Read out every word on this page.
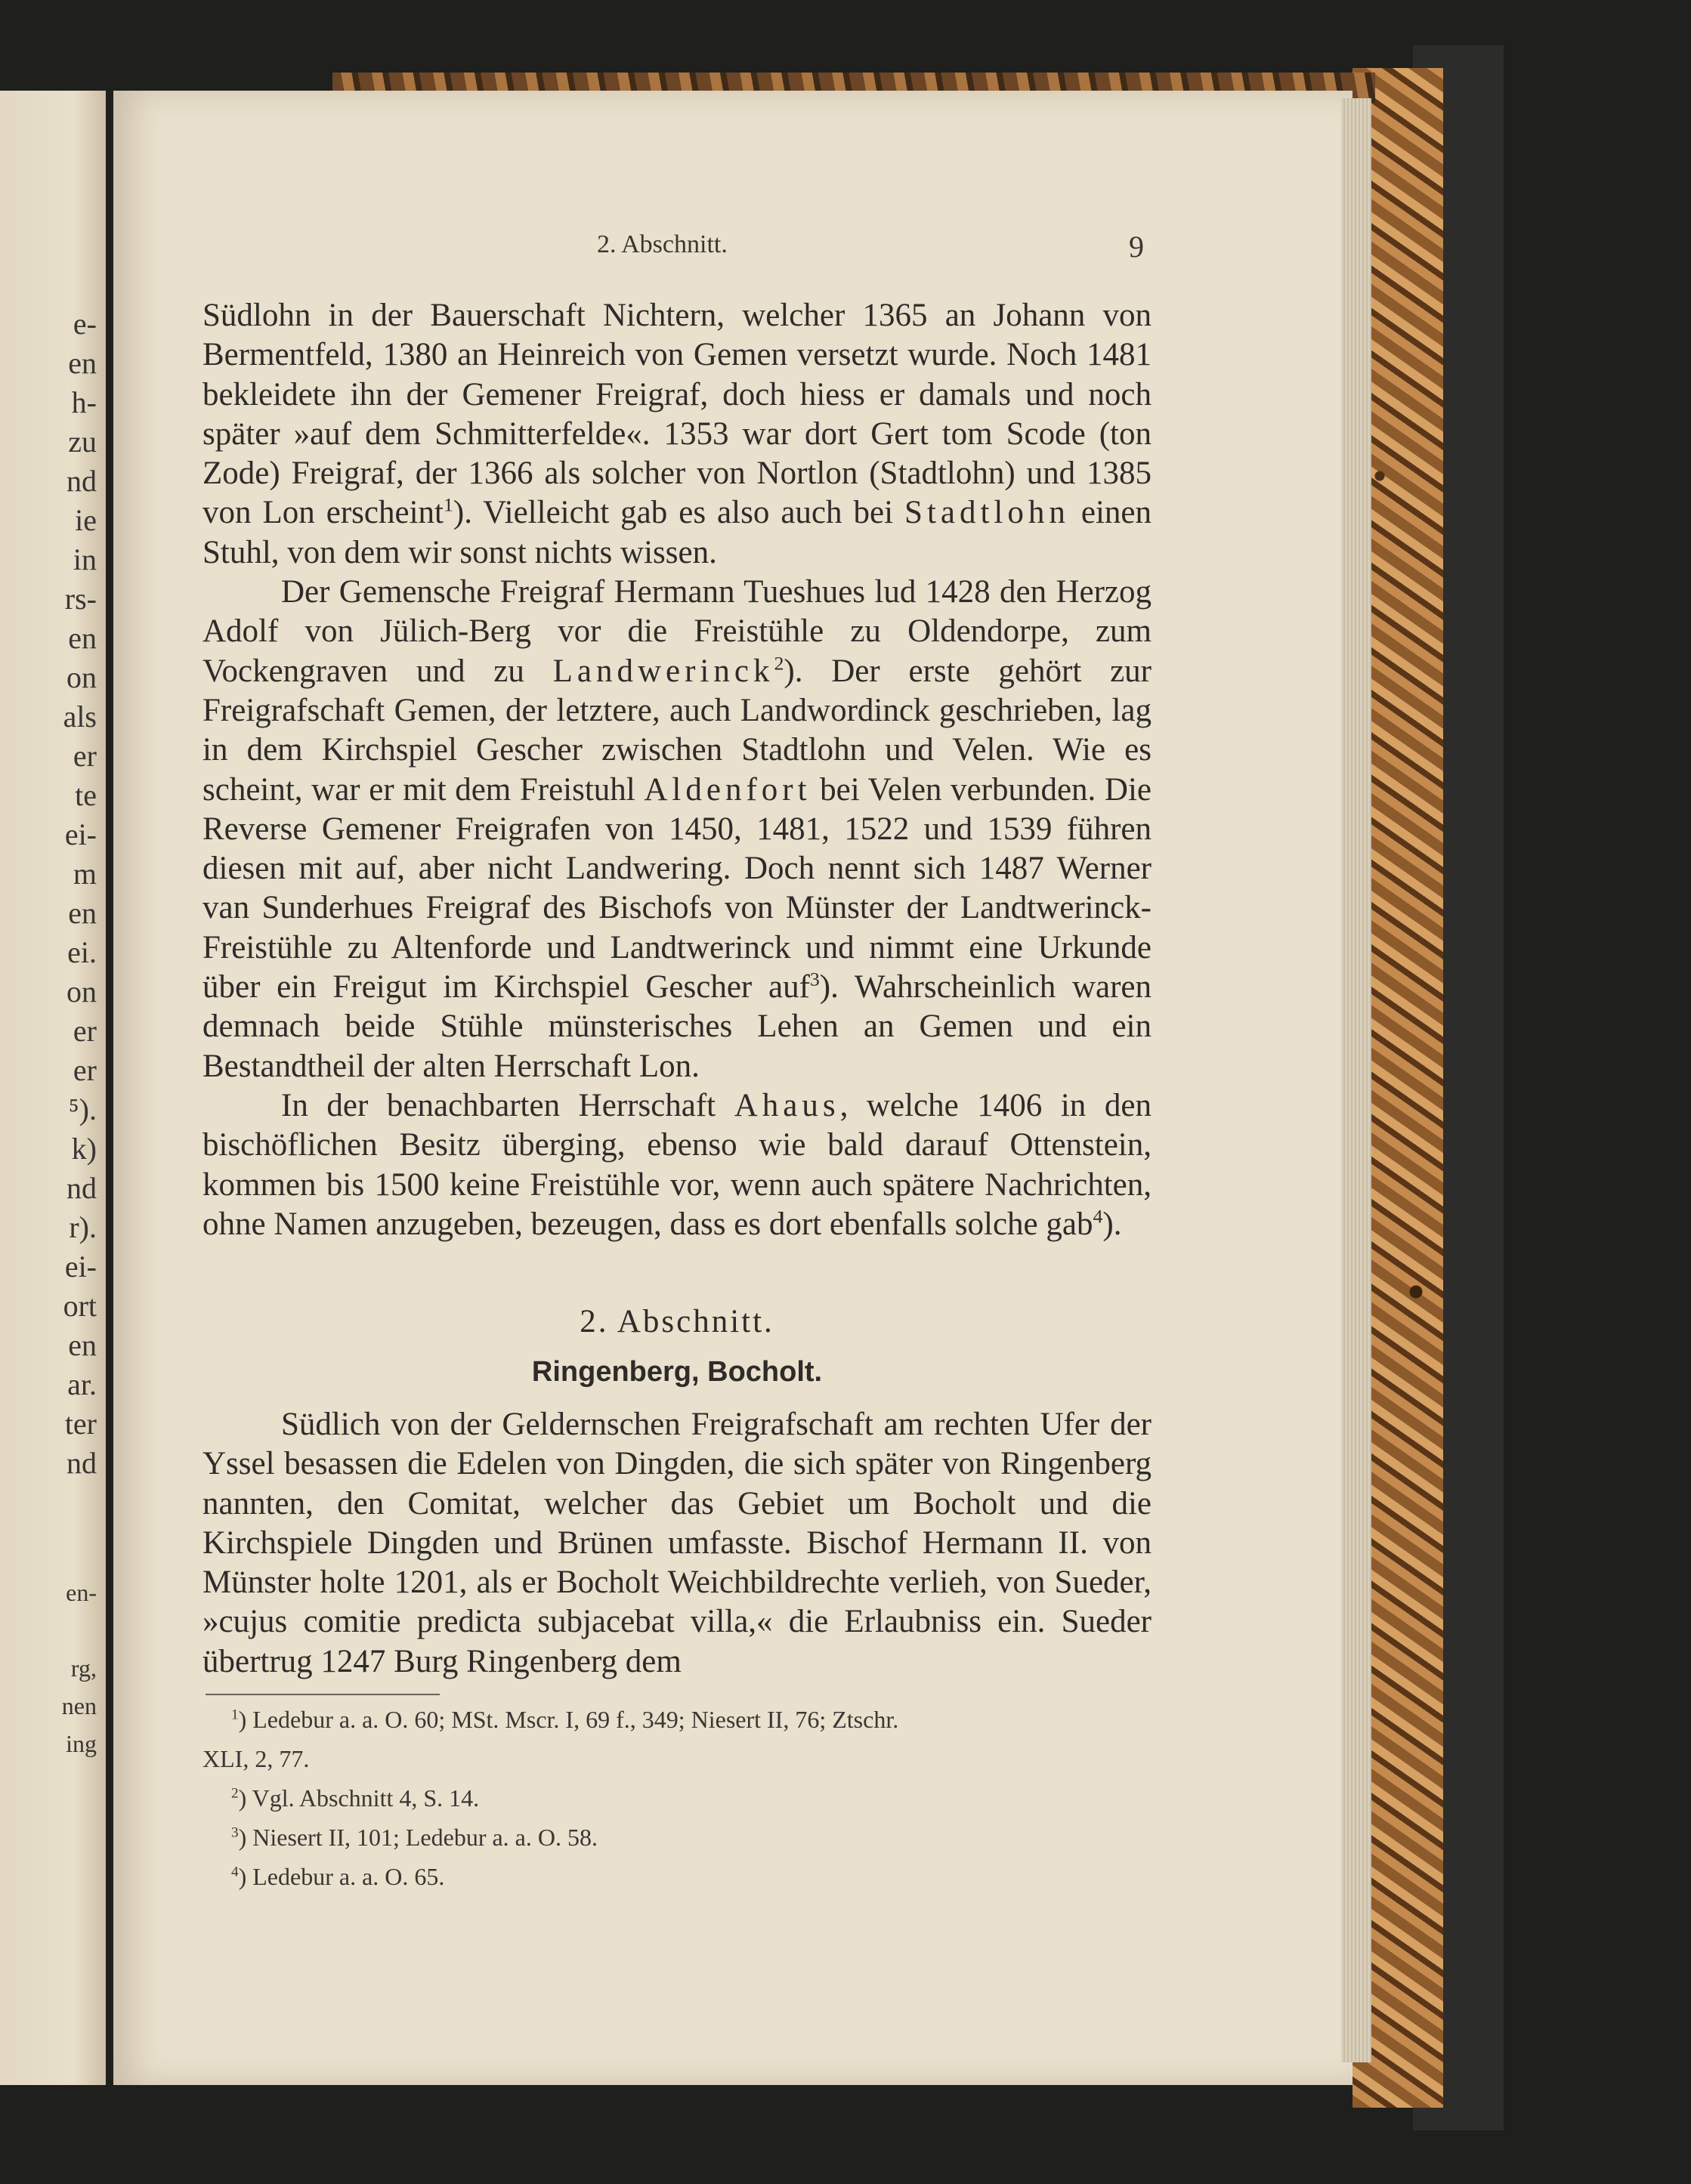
e-
en
h-
zu
nd
ie
in
rs-
en
on
als
er
te
ei-
m
en
ei.
on
er
er
⁵).
k)
nd
r).
ei-
ort
en
ar.
ter
nd
en-
rg,
nen
ing
2. Abschnitt.	9

Südlohn in der Bauerschaft Nichtern, welcher 1365 an Johann von Bermentfeld, 1380 an Heinreich von Gemen versetzt wurde. Noch 1481 bekleidete ihn der Gemener Freigraf, doch hiess er damals und noch später »auf dem Schmitterfelde«. 1353 war dort Gert tom Scode (ton Zode) Freigraf, der 1366 als solcher von Nortlon (Stadtlohn) und 1385 von Lon erscheint$^1$). Vielleicht gab es also auch bei Stadtlohn einen Stuhl, von dem wir sonst nichts wissen.

Der Gemensche Freigraf Hermann Tueshues lud 1428 den Herzog Adolf von Jülich-Berg vor die Freistühle zu Oldendorpe, zum Vockengraven und zu Landwerinck$^2$). Der erste gehört zur Freigrafschaft Gemen, der letztere, auch Landwordinck geschrieben, lag in dem Kirchspiel Gescher zwischen Stadtlohn und Velen. Wie es scheint, war er mit dem Freistuhl Aldenfort bei Velen verbunden. Die Reverse Gemener Freigrafen von 1450, 1481, 1522 und 1539 führen diesen mit auf, aber nicht Landwering. Doch nennt sich 1487 Werner van Sunderhues Freigraf des Bischofs von Münster der Landtwerinck-Freistühle zu Altenforde und Landtwerinck und nimmt eine Urkunde über ein Freigut im Kirchspiel Gescher auf$^3$). Wahrscheinlich waren demnach beide Stühle münsterisches Lehen an Gemen und ein Bestandtheil der alten Herrschaft Lon.

In der benachbarten Herrschaft Ahaus, welche 1406 in den bischöflichen Besitz überging, ebenso wie bald darauf Ottenstein, kommen bis 1500 keine Freistühle vor, wenn auch spätere Nachrichten, ohne Namen anzugeben, bezeugen, dass es dort ebenfalls solche gab$^4$).

2. Abschnitt.
Ringenberg, Bocholt.

Südlich von der Geldernschen Freigrafschaft am rechten Ufer der Yssel besassen die Edelen von Dingden, die sich später von Ringenberg nannten, den Comitat, welcher das Gebiet um Bocholt und die Kirchspiele Dingden und Brünen umfasste. Bischof Hermann II. von Münster holte 1201, als er Bocholt Weichbildrechte verlieh, von Sueder, »cujus comitie predicta subjacebat villa,« die Erlaubniss ein. Sueder übertrug 1247 Burg Ringenberg dem

$^1$) Ledebur a. a. O. 60; MSt. Mscr. I, 69 f., 349; Niesert II, 76; Ztschr.
XLI, 2, 77.
$^2$) Vgl. Abschnitt 4, S. 14.
$^3$) Niesert II, 101; Ledebur a. a. O. 58.
$^4$) Ledebur a. a. O. 65.
